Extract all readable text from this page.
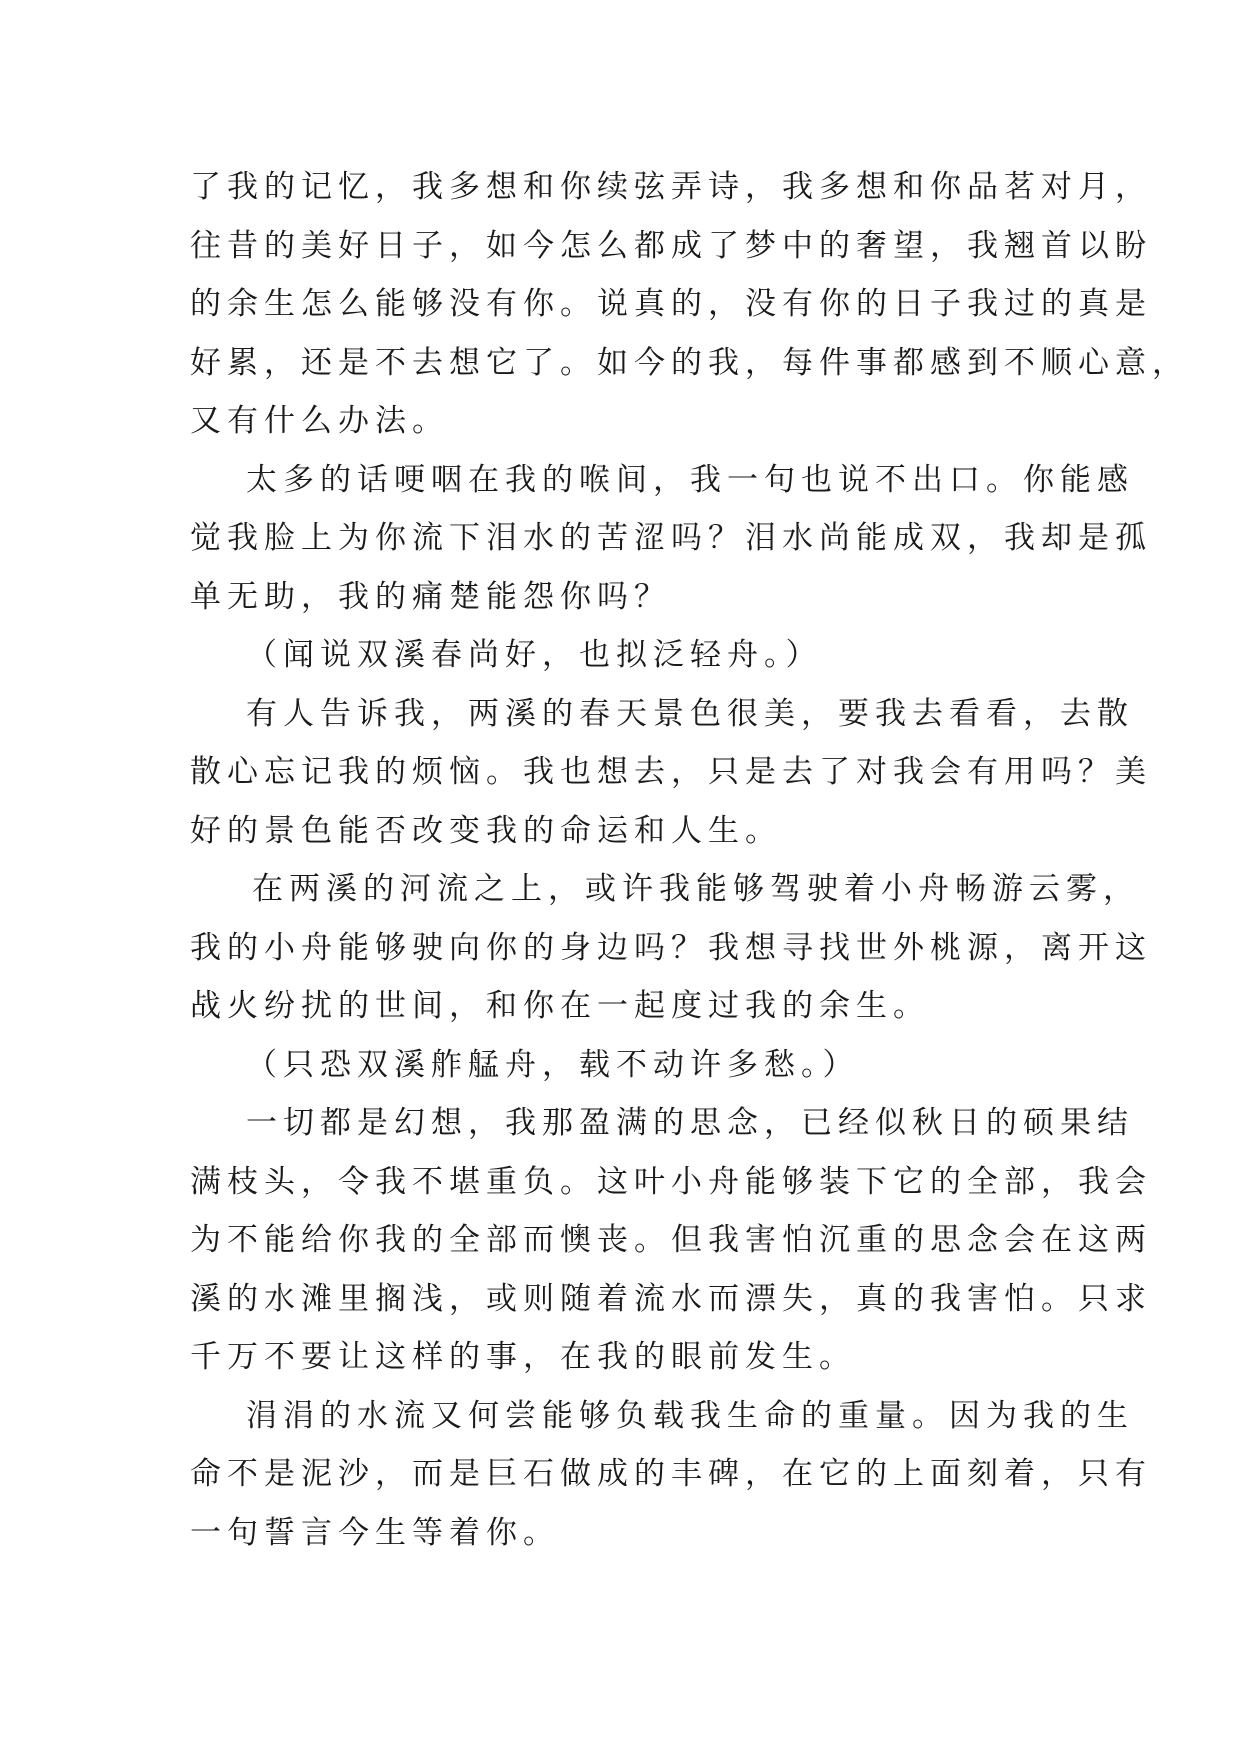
了我的记忆，我多想和你续弦弄诗，我多想和你品茗对月，
往昔的美好日子，如今怎么都成了梦中的奢望，我翘首以盼
的余生怎么能够没有你。说真的，没有你的日子我过的真是
好累，还是不去想它了。如今的我，每件事都感到不顺心意，
又有什么办法。
太多的话哽咽在我的喉间，我一句也说不出口。你能感
觉我脸上为你流下泪水的苦涩吗？泪水尚能成双，我却是孤
单无助，我的痛楚能怨你吗？
（闻说双溪春尚好，也拟泛轻舟。）
有人告诉我，两溪的春天景色很美，要我去看看，去散
散心忘记我的烦恼。我也想去，只是去了对我会有用吗？美
好的景色能否改变我的命运和人生。
在两溪的河流之上，或许我能够驾驶着小舟畅游云雾，
我的小舟能够驶向你的身边吗？我想寻找世外桃源，离开这
战火纷扰的世间，和你在一起度过我的余生。
（只恐双溪舴艋舟，载不动许多愁。）
一切都是幻想，我那盈满的思念，已经似秋日的硕果结
满枝头，令我不堪重负。这叶小舟能够装下它的全部，我会
为不能给你我的全部而懊丧。但我害怕沉重的思念会在这两
溪的水滩里搁浅，或则随着流水而漂失，真的我害怕。只求
千万不要让这样的事，在我的眼前发生。
涓涓的水流又何尝能够负载我生命的重量。因为我的生
命不是泥沙，而是巨石做成的丰碑，在它的上面刻着，只有
一句誓言今生等着你。
